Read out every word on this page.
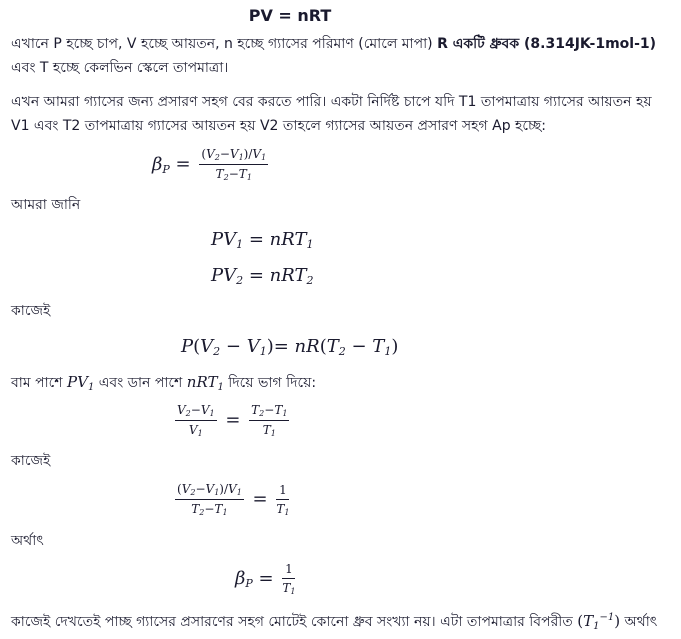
PV = nRT
এখানে P হচ্ছে চাপ, V হচ্ছে আয়তন, n হচ্ছে গ্যাসের পরিমাণ (মোলে মাপা) R একটি ধ্রুবক (8.314JK-1mol-1) এবং T হচ্ছে কেলভিন স্কেলে তাপমাত্রা।
এখন আমরা গ্যাসের জন্য প্রসারণ সহগ বের করতে পারি। একটা নির্দিষ্ট চাপে যদি T1 তাপমাত্রায় গ্যাসের আয়তন হয় V1 এবং T2 তাপমাত্রায় গ্যাসের আয়তন হয় V2 তাহলে গ্যাসের আয়তন প্রসারণ সহগ Ap হচ্ছে:
$\beta_P = \frac{(V_2-V_1)/V_1}{T_2-T_1}$
আমরা জানি
$PV_1 = nRT_1$
$PV_2 = nRT_2$
কাজেই
$P(V_2 - V_1)= nR(T_2 - T_1)$
বাম পাশে $PV_1$ এবং ডান পাশে nRT$_1$ দিয়ে ভাগ দিয়ে:
$\frac{V_2-V_1}{V_1} = \frac{T_2-T_1}{T_1}$
কাজেই
$\frac{(V_2-V_1)/V_1}{T_2-T_1} = \frac{1}{T_1}$
অর্থাৎ
$\beta_P = \frac{1}{T_1}$
কাজেই দেখতেই পাচ্ছ গ্যাসের প্রসারণের সহগ মোটেই কোনো ধ্রুব সংখ্যা নয়। এটা তাপমাত্রার বিপরীত $(T_1^{-1})$ অর্থাৎ
